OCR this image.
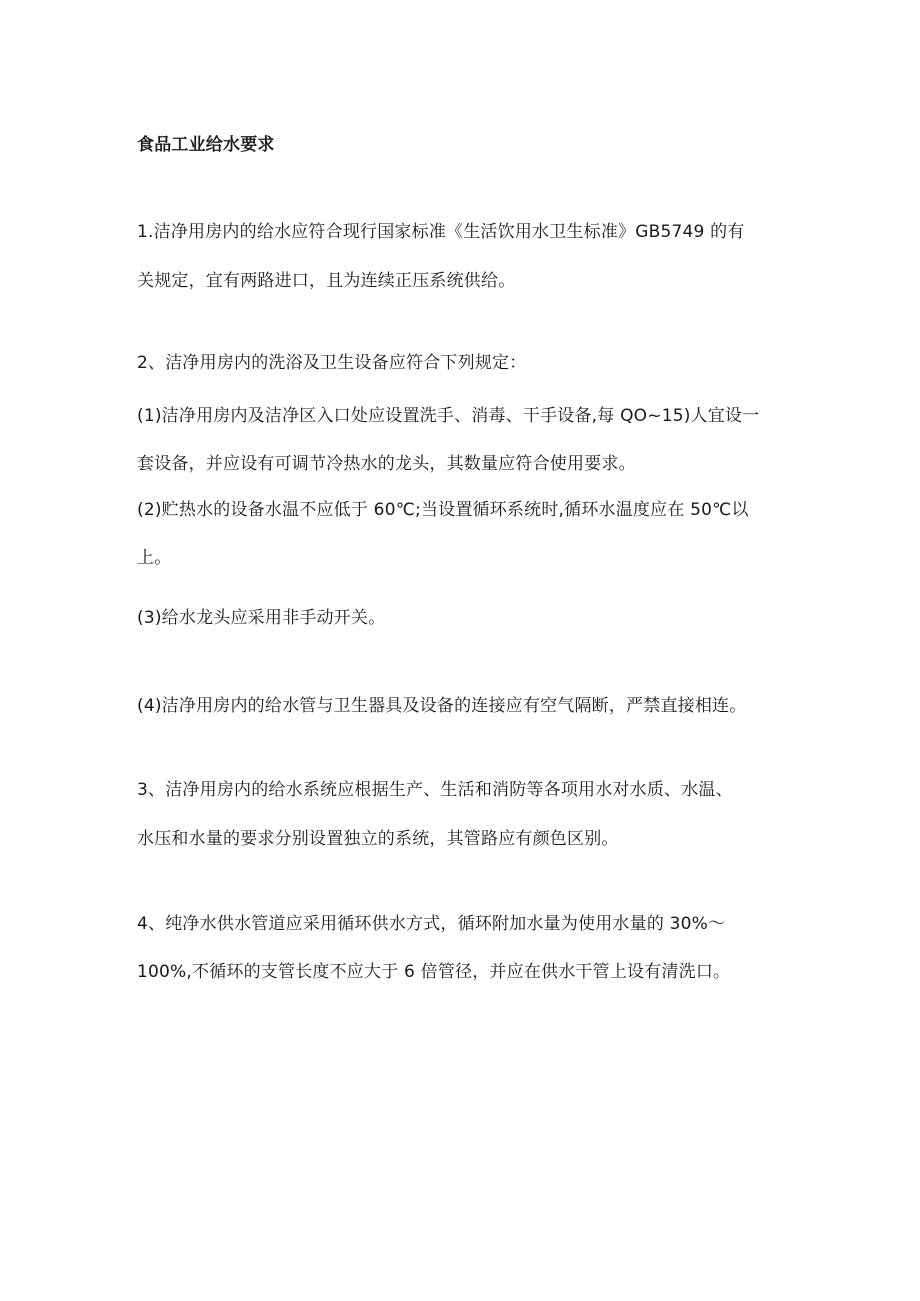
食品工业给水要求

1.洁净用房内的给水应符合现行国家标准《生活饮用水卫生标准》GB5749 的有

关规定，宜有两路进口，且为连续正压系统供给。

2、洁净用房内的洗浴及卫生设备应符合下列规定：

(1)洁净用房内及洁净区入口处应设置洗手、消毒、干手设备,每 QO~15)人宜设一

套设备，并应设有可调节冷热水的龙头，其数量应符合使用要求。

(2)贮热水的设备水温不应低于 60℃;当设置循环系统时,循环水温度应在 50℃以

上。

(3)给水龙头应采用非手动开关。

(4)洁净用房内的给水管与卫生器具及设备的连接应有空气隔断，严禁直接相连。

3、洁净用房内的给水系统应根据生产、生活和消防等各项用水对水质、水温、

水压和水量的要求分别设置独立的系统，其管路应有颜色区别。

4、纯净水供水管道应采用循环供水方式，循环附加水量为使用水量的 30%～

100%,不循环的支管长度不应大于 6 倍管径，并应在供水干管上设有清洗口。
